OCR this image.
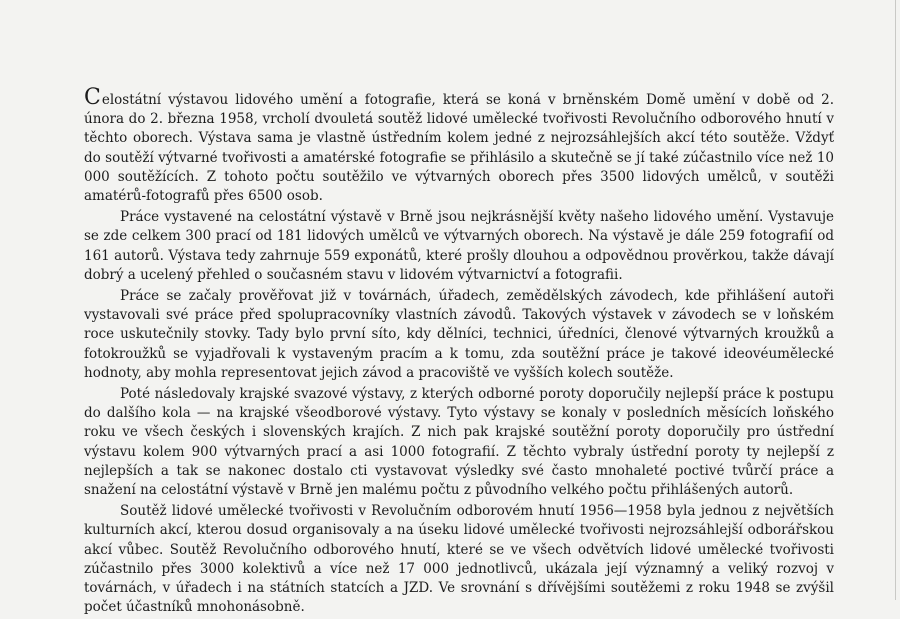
Celostátní výstavou lidového umění a fotografie, která se koná v brněnském Domě umění v době od 2. února do 2. března 1958, vrcholí dvouletá soutěž lidové umělecké tvořivosti Revolučního odborového hnutí v těchto oborech. Výstava sama je vlastně ústředním kolem jedné z nejrozsáhlejších akcí této soutěže. Vždyť do soutěží výtvarné tvořivosti a amatérské fotografie se přihlásilo a skutečně se jí také zúčastnilo více než 10 000 soutěžících. Z tohoto počtu soutěžilo ve výtvarných oborech přes 3500 lidových umělců, v soutěži amatérů-fotografů přes 6500 osob.

Práce vystavené na celostátní výstavě v Brně jsou nejkrásnější květy našeho lidového umění. Vystavuje se zde celkem 300 prací od 181 lidových umělců ve výtvarných oborech. Na výstavě je dále 259 fotografií od 161 autorů. Výstava tedy zahrnuje 559 exponátů, které prošly dlouhou a odpovědnou prověrkou, takže dávají dobrý a ucelený přehled o současném stavu v lidovém výtvarnictví a fotografii.

Práce se začaly prověřovat již v továrnách, úřadech, zemědělských závodech, kde přihlášení autoři vystavovali své práce před spolupracovníky vlastních závodů. Takových výstavek v závodech se v loňském roce uskutečnily stovky. Tady bylo první síto, kdy dělníci, technici, úředníci, členové výtvarných kroužků a fotokroužků se vyjadřovali k vystaveným pracím a k tomu, zda soutěžní práce je takové ideovéumělecké hodnoty, aby mohla representovat jejich závod a pracoviště ve vyšších kolech soutěže.

Poté následovaly krajské svazové výstavy, z kterých odborné poroty doporučily nejlepší práce k postupu do dalšího kola — na krajské všeodborové výstavy. Tyto výstavy se konaly v posledních měsících loňského roku ve všech českých i slovenských krajích. Z nich pak krajské soutěžní poroty doporučily pro ústřední výstavu kolem 900 výtvarných prací a asi 1000 fotografií. Z těchto vybraly ústřední poroty ty nejlepší z nejlepších a tak se nakonec dostalo cti vystavovat výsledky své často mnohaleté poctivé tvůrčí práce a snažení na celostátní výstavě v Brně jen malému počtu z původního velkého počtu přihlášených autorů.

Soutěž lidové umělecké tvořivosti v Revolučním odborovém hnutí 1956—1958 byla jednou z největších kulturních akcí, kterou dosud organisovaly a na úseku lidové umělecké tvořivosti nejrozsáhlejší odborářskou akcí vůbec. Soutěž Revolučního odborového hnutí, které se ve všech odvětvích lidové umělecké tvořivosti zúčastnilo přes 3000 kolektivů a více než 17 000 jednotlivců, ukázala její významný a veliký rozvoj v továrnách, v úřadech i na státních statcích a JZD. Ve srovnání s dřívějšími soutěžemi z roku 1948 se zvýšil počet účastníků mnohonásobně.
